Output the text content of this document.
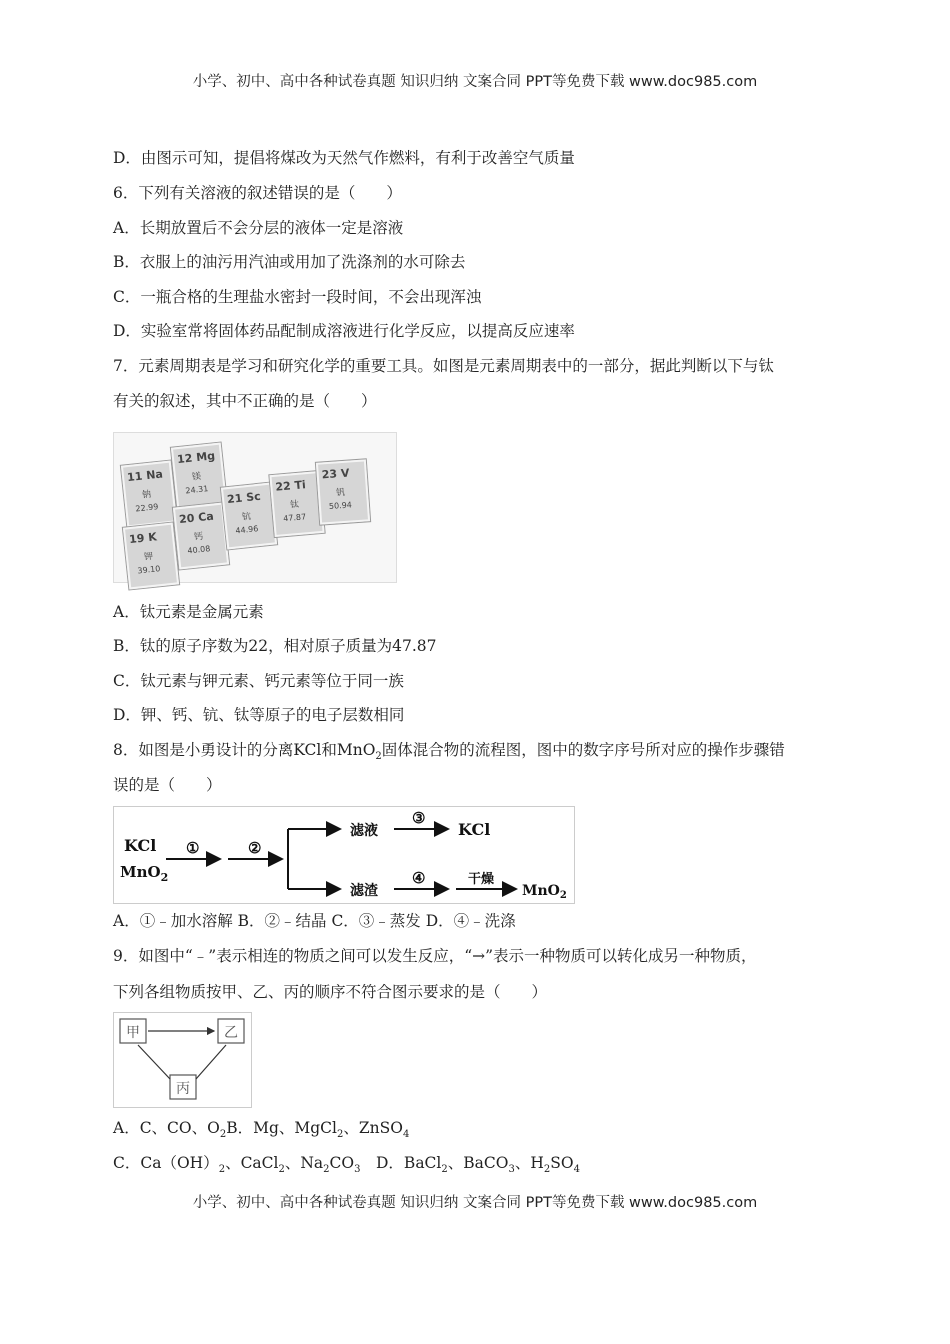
小学、初中、高中各种试卷真题 知识归纳 文案合同 PPT等免费下载 www.doc985.com
D．由图示可知，提倡将煤改为天然气作燃料，有利于改善空气质量
6．下列有关溶液的叙述错误的是（　　）
A．长期放置后不会分层的液体一定是溶液
B．衣服上的油污用汽油或用加了洗涤剂的水可除去
C．一瓶合格的生理盐水密封一段时间，不会出现浑浊
D．实验室常将固体药品配制成溶液进行化学反应，以提高反应速率
7．元素周期表是学习和研究化学的重要工具。如图是元素周期表中的一部分，据此判断以下与钛
有关的叙述，其中不正确的是（　　）
11 Na
钠
22.99
12 Mg
镁
24.31
19 K
钾
39.10
20 Ca
钙
40.08
21 Sc
钪
44.96
22 Ti
钛
47.87
23 V
钒
50.94
A．钛元素是金属元素
B．钛的原子序数为22，相对原子质量为47.87
C．钛元素与钾元素、钙元素等位于同一族
D．钾、钙、钪、钛等原子的电子层数相同
8．如图是小勇设计的分离KCl和MnO$_2$固体混合物的流程图，图中的数字序号所对应的操作步骤错
误的是（　　）
KCl
MnO$_2$
①	②
滤液
③
KCl
滤渣
④	干燥
MnO$_2$
A．①﹣加水溶解 B．②﹣结晶 C．③﹣蒸发 D．④﹣洗涤
9．如图中“﹣”表示相连的物质之间可以发生反应，“→”表示一种物质可以转化成另一种物质，
下列各组物质按甲、乙、丙的顺序不符合图示要求的是（　　）
甲	乙
丙
A．C、CO、$O_2B$．Mg、MgCl$_2$、ZnSO$_4$
C．$Ca(OH)_2$、CaCl$_2$、$Na_2CO_3$　D．BaCl$_2$、BaCO$_3$、$H_2SO_4$
小学、初中、高中各种试卷真题 知识归纳 文案合同 PPT等免费下载 www.doc985.com
